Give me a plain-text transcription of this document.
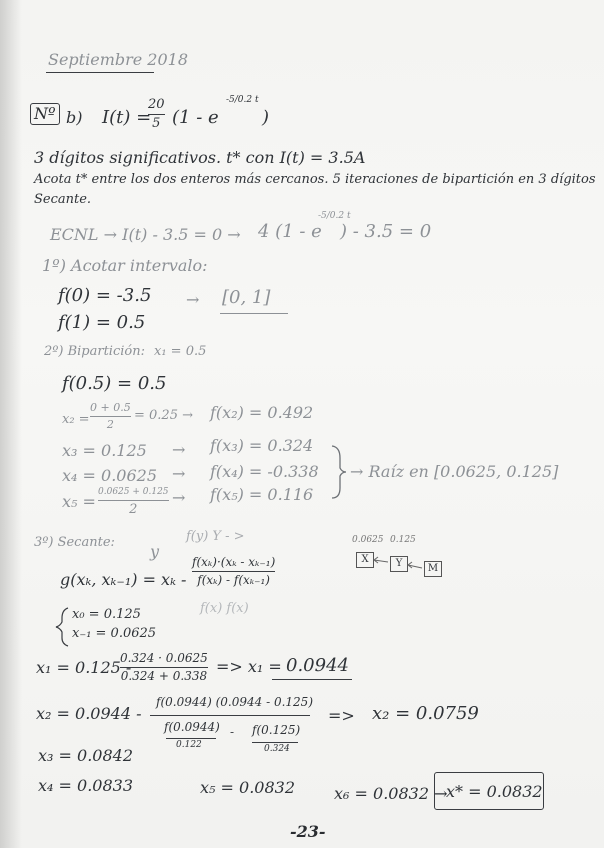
Septiembre 2018
Nº b) I(t) =
20
5 (1 - e
-5/0.2 t
)
3 dígitos significativos. t* con I(t) = 3.5A
Acota t* entre los dos enteros más cercanos. 5 iteraciones de bipartición en 3 dígitos
Secante.
ECNL → I(t) - 3.5 = 0 → 4 (1 - e
-5/0.2 t
) - 3.5 = 0
1º) Acotar intervalo:
f(0) = -3.5
f(1) = 0.5
→ [0, 1]
2º) Bipartición: x₁ = 0.5
f(0.5) = 0.5
x₂ =
0 + 0.5
2
= 0.25 → f(x₂) = 0.492
x₃ = 0.125 → f(x₃) = 0.324
x₄ = 0.0625 → f(x₄) = -0.338
x₅ = 0.0625 + 0.125
2
→ f(x₅) = 0.116
→ Raíz en [0.0625, 0.125]
3º) Secante: y
f(y) Y - >
g(xₖ, xₖ₋₁) = xₖ -
f(xₖ)·(xₖ - xₖ₋₁)
f(xₖ) - f(xₖ₋₁)
f(x) f(x)
0.0625 0.125
X	Y	M
x₀ = 0.125
x₋₁ = 0.0625
x₁ = 0.125 -
0.324 · 0.0625
0.324 + 0.338
=> x₁ = 0.0944
x₂ = 0.0944 -
f(0.0944) (0.0944 - 0.125)
f(0.0944) - f(0.125)
0.122	0.324
=> x₂ = 0.0759
x₃ = 0.0842
x₄ = 0.0833	x₅ = 0.0832 x₆ = 0.0832 →
x* = 0.0832
-23-
